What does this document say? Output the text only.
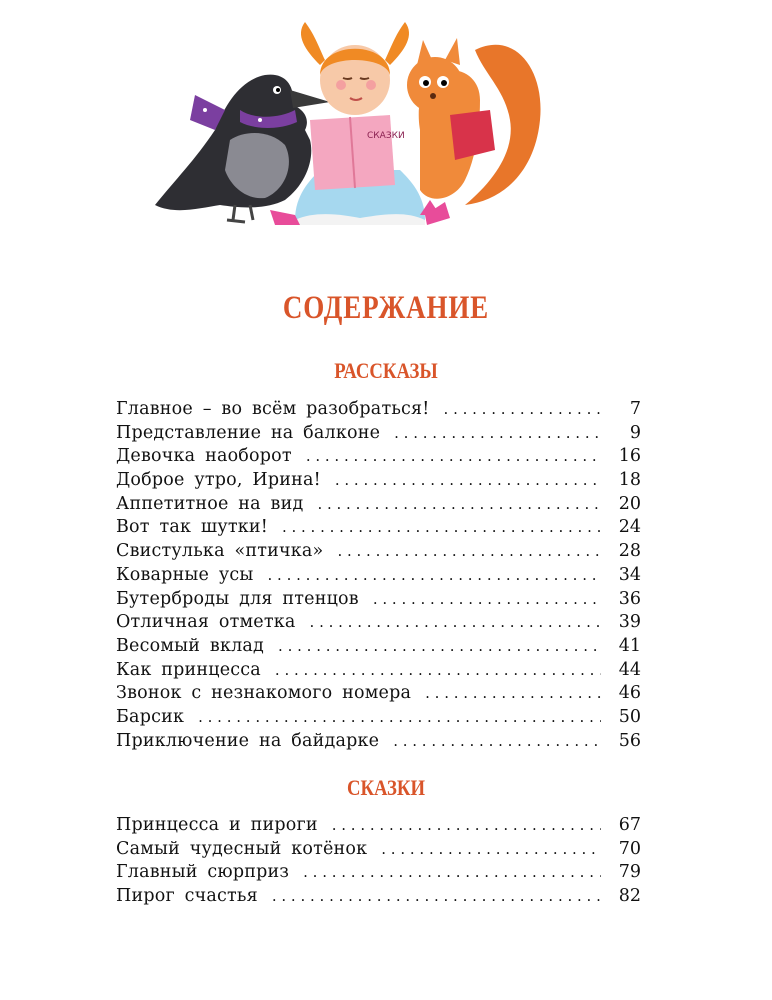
СКАЗКИ
СОДЕРЖАНИЕ
РАССКАЗЫ
Главное – во всём разобраться! . . .	7
Представление на балконе . . .	9
Девочка наоборот . . .	16
Доброе утро, Ирина! . . .	18
Аппетитное на вид . . .	20
Вот так шутки! . . .	24
Свистулька «птичка» . . .	28
Коварные усы . . .	34
Бутерброды для птенцов . . .	36
Отличная отметка . . .	39
Весомый вклад . . .	41
Как принцесса . . .	44
Звонок с незнакомого номера . . .	46
Барсик . . .	50
Приключение на байдарке . . .	56
СКАЗКИ
Принцесса и пироги . . .	67
Самый чудесный котёнок . . .	70
Главный сюрприз . . .	79
Пирог счастья . . .	82
